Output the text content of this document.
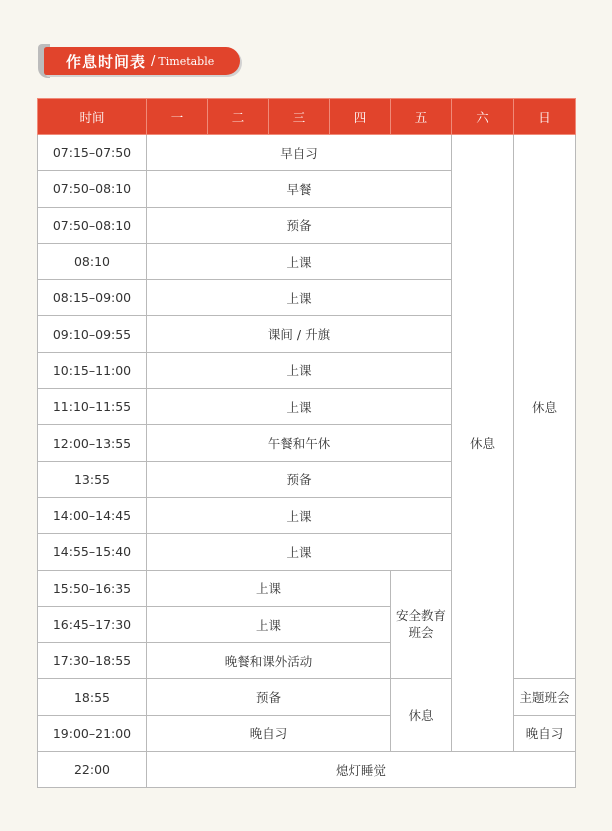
作息时间表 / Timetable
时间	一	二	三	四	五	六	日
07:15–07:50	早自习					休息	休息
07:50–08:10	早餐						
07:50–08:10	预备						
08:10	上课						
08:15–09:00	上课						
09:10–09:55	课间 / 升旗						
10:15–11:00	上课						
11:10–11:55	上课						
12:00–13:55	午餐和午休						
13:55	预备						
14:00–14:45	上课						
14:55–15:40	上课						
15:50–16:35	上课				安全教育班会		
16:45–17:30	上课						
17:30–18:55	晚餐和课外活动						
18:55	预备				休息		主题班会
19:00–21:00	晚自习						晚自习
22:00	熄灯睡觉						
